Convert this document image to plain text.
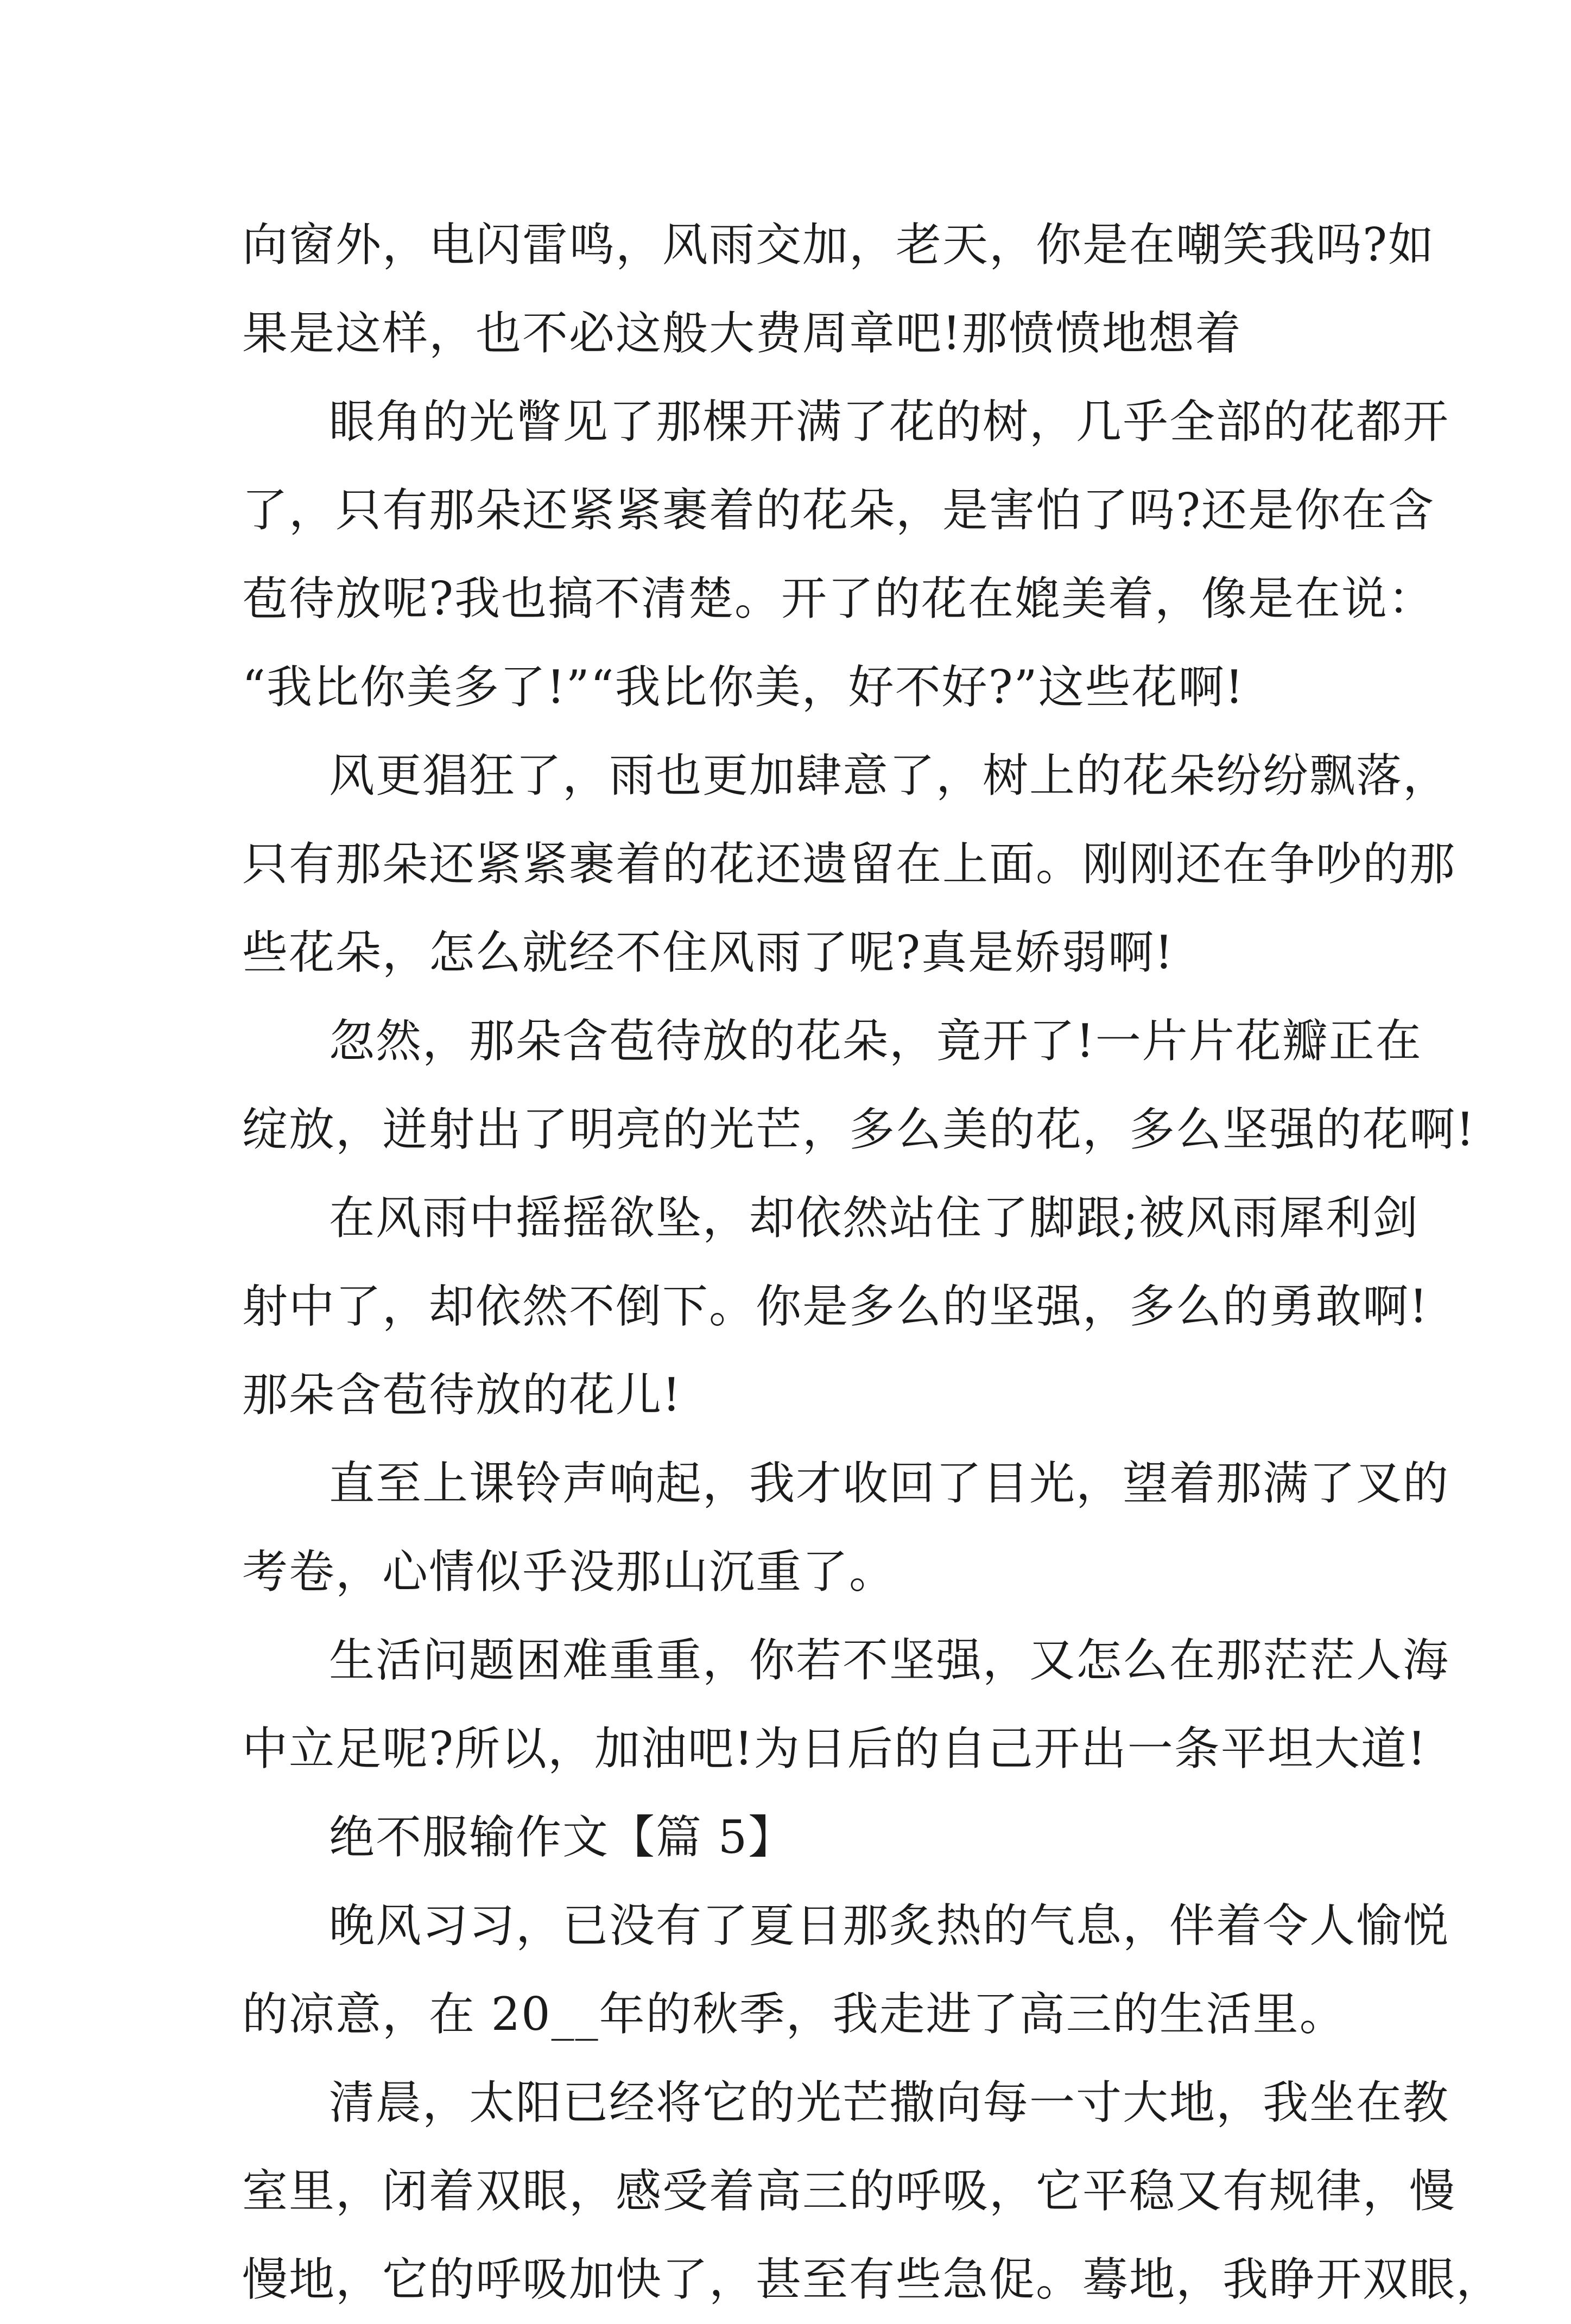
向窗外，电闪雷鸣，风雨交加，老天，你是在嘲笑我吗?如
果是这样，也不必这般大费周章吧!那愤愤地想着
眼角的光瞥见了那棵开满了花的树，几乎全部的花都开
了，只有那朵还紧紧裹着的花朵，是害怕了吗?还是你在含
苞待放呢?我也搞不清楚。开了的花在媲美着，像是在说：
“我比你美多了!”“我比你美，好不好?”这些花啊!
风更猖狂了，雨也更加肆意了，树上的花朵纷纷飘落，
只有那朵还紧紧裹着的花还遗留在上面。刚刚还在争吵的那
些花朵，怎么就经不住风雨了呢?真是娇弱啊!
忽然，那朵含苞待放的花朵，竟开了!一片片花瓣正在
绽放，迸射出了明亮的光芒，多么美的花，多么坚强的花啊!
在风雨中摇摇欲坠，却依然站住了脚跟;被风雨犀利剑
射中了，却依然不倒下。你是多么的坚强，多么的勇敢啊!
那朵含苞待放的花儿!
直至上课铃声响起，我才收回了目光，望着那满了叉的
考卷，心情似乎没那山沉重了。
生活问题困难重重，你若不坚强，又怎么在那茫茫人海
中立足呢?所以，加油吧!为日后的自己开出一条平坦大道!
绝不服输作文【篇 5】
晚风习习，已没有了夏日那炙热的气息，伴着令人愉悦
的凉意，在 20__年的秋季，我走进了高三的生活里。
清晨，太阳已经将它的光芒撒向每一寸大地，我坐在教
室里，闭着双眼，感受着高三的呼吸，它平稳又有规律，慢
慢地，它的呼吸加快了，甚至有些急促。蓦地，我睁开双眼，
